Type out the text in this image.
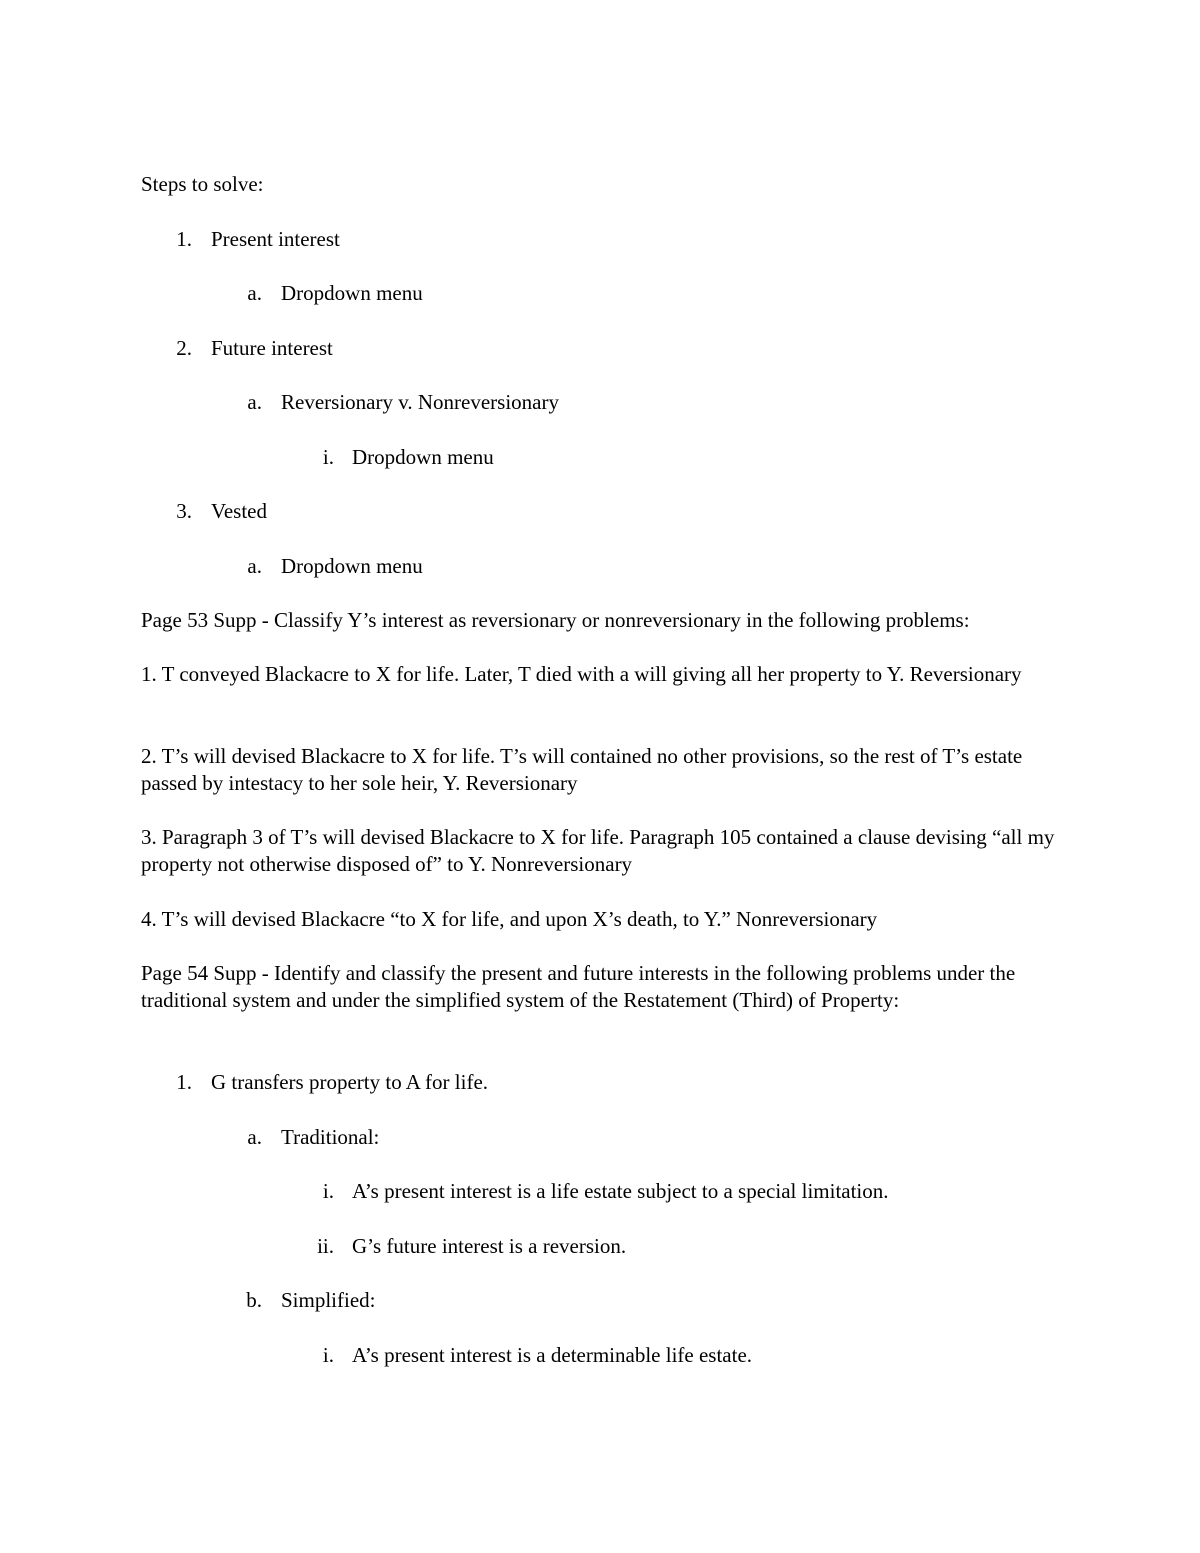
Steps to solve:
1. Present interest
a. Dropdown menu
2. Future interest
a. Reversionary v. Nonreversionary
i. Dropdown menu
3. Vested
a. Dropdown menu
Page 53 Supp - Classify Y’s interest as reversionary or nonreversionary in the following problems:
1. T conveyed Blackacre to X for life. Later, T died with a will giving all her property to Y. Reversionary
2. T’s will devised Blackacre to X for life. T’s will contained no other provisions, so the rest of T’s estate passed by intestacy to her sole heir, Y. Reversionary
3. Paragraph 3 of T’s will devised Blackacre to X for life. Paragraph 105 contained a clause devising “all my property not otherwise disposed of” to Y. Nonreversionary
4. T’s will devised Blackacre “to X for life, and upon X’s death, to Y.” Nonreversionary
Page 54 Supp - Identify and classify the present and future interests in the following problems under the traditional system and under the simplified system of the Restatement (Third) of Property:
1. G transfers property to A for life.
a. Traditional:
i. A’s present interest is a life estate subject to a special limitation.
ii. G’s future interest is a reversion.
b. Simplified:
i. A’s present interest is a determinable life estate.
